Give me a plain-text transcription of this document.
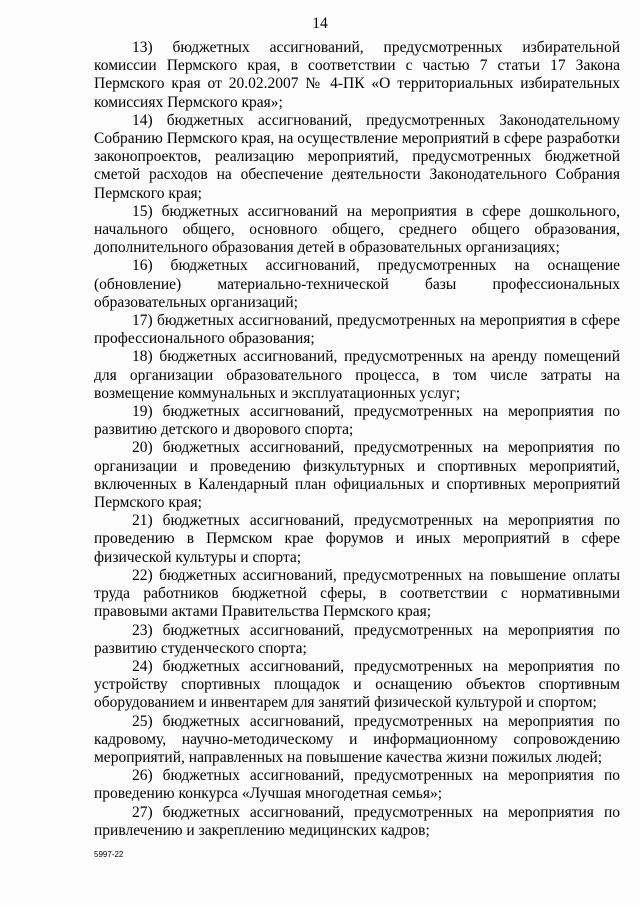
14

13) бюджетных ассигнований, предусмотренных избирательной комиссии Пермского края, в соответствии с частью 7 статьи 17 Закона Пермского края от 20.02.2007 № 4-ПК «О территориальных избирательных комиссиях Пермского края»;

14) бюджетных ассигнований, предусмотренных Законодательному Собранию Пермского края, на осуществление мероприятий в сфере разработки законопроектов, реализацию мероприятий, предусмотренных бюджетной сметой расходов на обеспечение деятельности Законодательного Собрания Пермского края;

15) бюджетных ассигнований на мероприятия в сфере дошкольного, начального общего, основного общего, среднего общего образования, дополнительного образования детей в образовательных организациях;

16) бюджетных ассигнований, предусмотренных на оснащение (обновление) материально-технической базы профессиональных образовательных организаций;

17) бюджетных ассигнований, предусмотренных на мероприятия в сфере профессионального образования;

18) бюджетных ассигнований, предусмотренных на аренду помещений для организации образовательного процесса, в том числе затраты на возмещение коммунальных и эксплуатационных услуг;

19) бюджетных ассигнований, предусмотренных на мероприятия по развитию детского и дворового спорта;

20) бюджетных ассигнований, предусмотренных на мероприятия по организации и проведению физкультурных и спортивных мероприятий, включенных в Календарный план официальных и спортивных мероприятий Пермского края;

21) бюджетных ассигнований, предусмотренных на мероприятия по проведению в Пермском крае форумов и иных мероприятий в сфере физической культуры и спорта;

22) бюджетных ассигнований, предусмотренных на повышение оплаты труда работников бюджетной сферы, в соответствии с нормативными правовыми актами Правительства Пермского края;

23) бюджетных ассигнований, предусмотренных на мероприятия по развитию студенческого спорта;

24) бюджетных ассигнований, предусмотренных на мероприятия по устройству спортивных площадок и оснащению объектов спортивным оборудованием и инвентарем для занятий физической культурой и спортом;

25) бюджетных ассигнований, предусмотренных на мероприятия по кадровому, научно-методическому и информационному сопровождению мероприятий, направленных на повышение качества жизни пожилых людей;

26) бюджетных ассигнований, предусмотренных на мероприятия по проведению конкурса «Лучшая многодетная семья»;

27) бюджетных ассигнований, предусмотренных на мероприятия по привлечению и закреплению медицинских кадров;

5997-22
